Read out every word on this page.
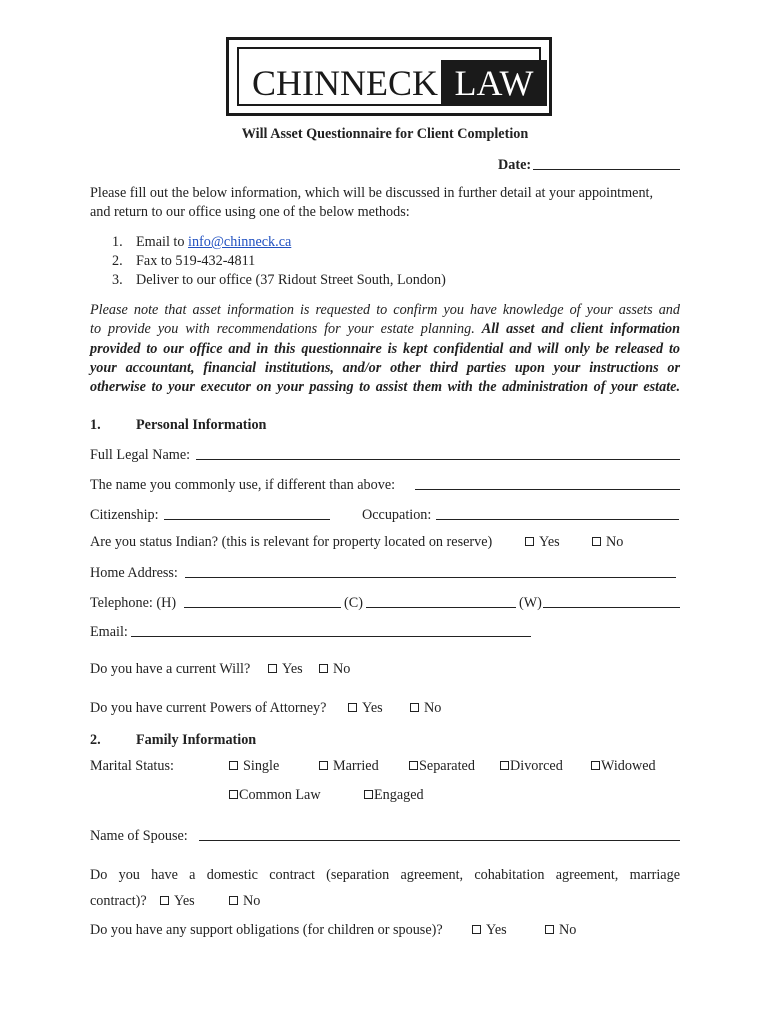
CHINNECK LAW
Will Asset Questionnaire for Client Completion
Date:
Please fill out the below information, which will be discussed in further detail at your appointment,
and return to our office using one of the below methods:
1. Email to info@chinneck.ca
2. Fax to 519-432-4811
3. Deliver to our office (37 Ridout Street South, London)
Please note that asset information is requested to confirm you have knowledge of your assets and
to provide you with recommendations for your estate planning. All asset and client information
provided to our office and in this questionnaire is kept confidential and will only be released to
your accountant, financial institutions, and/or other third parties upon your instructions or
otherwise to your executor on your passing to assist them with the administration of your estate.
1. Personal Information
Full Legal Name:
The name you commonly use, if different than above:
Citizenship:	Occupation:
Are you status Indian? (this is relevant for property located on reserve)	Yes	No
Home Address:
Telephone: (H)	(C)	(W)
Email:
Do you have a current Will?	Yes	No
Do you have current Powers of Attorney?	Yes	No
2. Family Information
Marital Status:	Single	Married	Separated	Divorced	Widowed
Common Law	Engaged
Name of Spouse:
Do you have a domestic contract (separation agreement, cohabitation agreement, marriage
contract)?	Yes	No
Do you have any support obligations (for children or spouse)?	Yes	No
